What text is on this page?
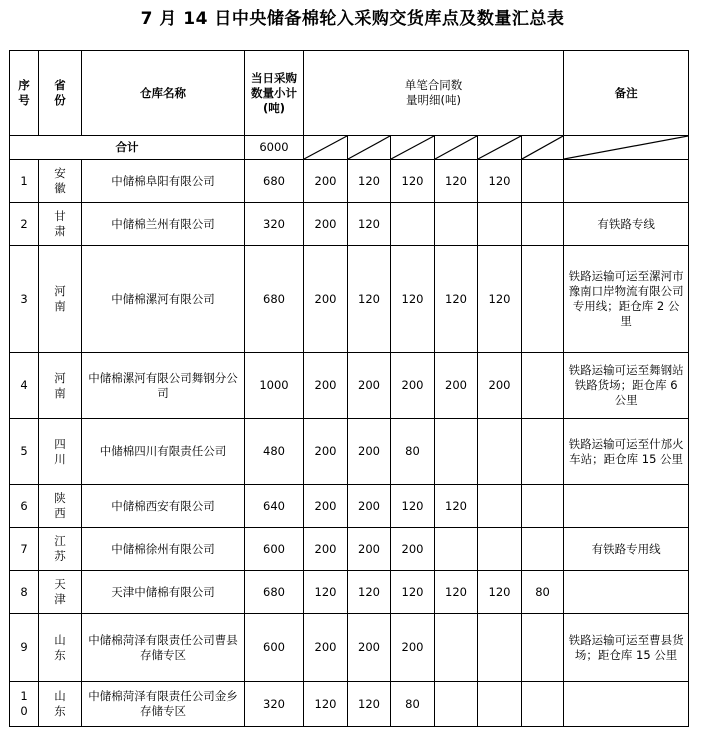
7 月 14 日中央储备棉轮入采购交货库点及数量汇总表
序号	省份	仓库名称	当日采购数量小计(吨)	单笔合同数量明细(吨)						备注
合计			6000	

1	安徽	中储棉阜阳有限公司	680	200	120	120	120	120		
2	甘肃	中储棉兰州有限公司	320	200	120					有铁路专线
3	河南	中储棉漯河有限公司	680	200	120	120	120	120		铁路运输可运至漯河市豫南口岸物流有限公司专用线；距仓库 2 公里
4	河南	中储棉漯河有限公司舞钢分公司	1000	200	200	200	200	200		铁路运输可运至舞钢站铁路货场；距仓库 6 公里
5	四川	中储棉四川有限责任公司	480	200	200	80				铁路运输可运至什邡火车站；距仓库 15 公里
6	陕西	中储棉西安有限公司	640	200	200	120	120			
7	江苏	中储棉徐州有限公司	600	200	200	200				有铁路专用线
8	天津	天津中储棉有限公司	680	120	120	120	120	120	80	
9	山东	中储棉菏泽有限责任公司曹县存储专区	600	200	200	200				铁路运输可运至曹县货场；距仓库 15 公里
10	山东	中储棉菏泽有限责任公司金乡存储专区	320	120	120	80				
